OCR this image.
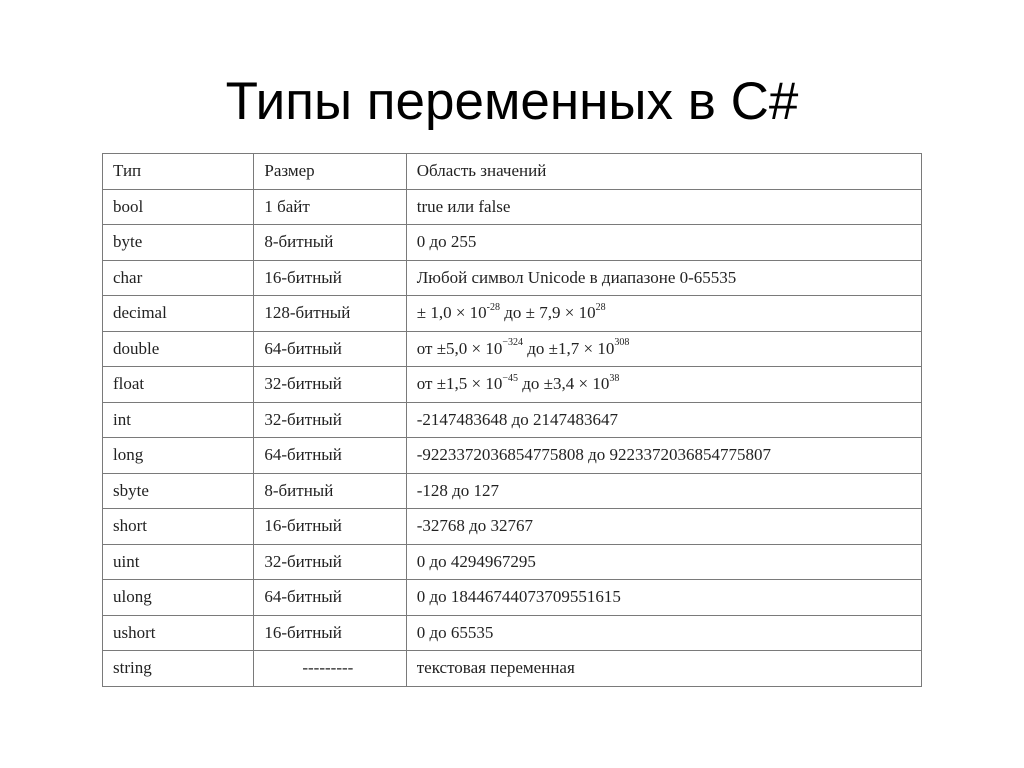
Типы переменных в C#
Тип	Размер	Область значений
bool	1 байт	true или false
byte	8-битный	0 до 255
char	16-битный	Любой символ Unicode в диапазоне 0-65535
decimal	128-битный	± $1,0 \times 10^{-28}$ до ± $7,9 \times 10^{28}$
double	64-битный	от $\pm 5,0 \times 10^{-324}$ до $\pm 1,7 \times 10^{308}$
float	32-битный	от $\pm 1,5 \times 10^{-45}$ до $\pm 3,4 \times 10^{38}$
int	32-битный	-2147483648 до 2147483647
long	64-битный	-9223372036854775808 до 9223372036854775807
sbyte	8-битный	-128 до 127
short	16-битный	-32768 до 32767
uint	32-битный	0 до 4294967295
ulong	64-битный	0 до 18446744073709551615
ushort	16-битный	0 до 65535
string	---------	текстовая переменная
